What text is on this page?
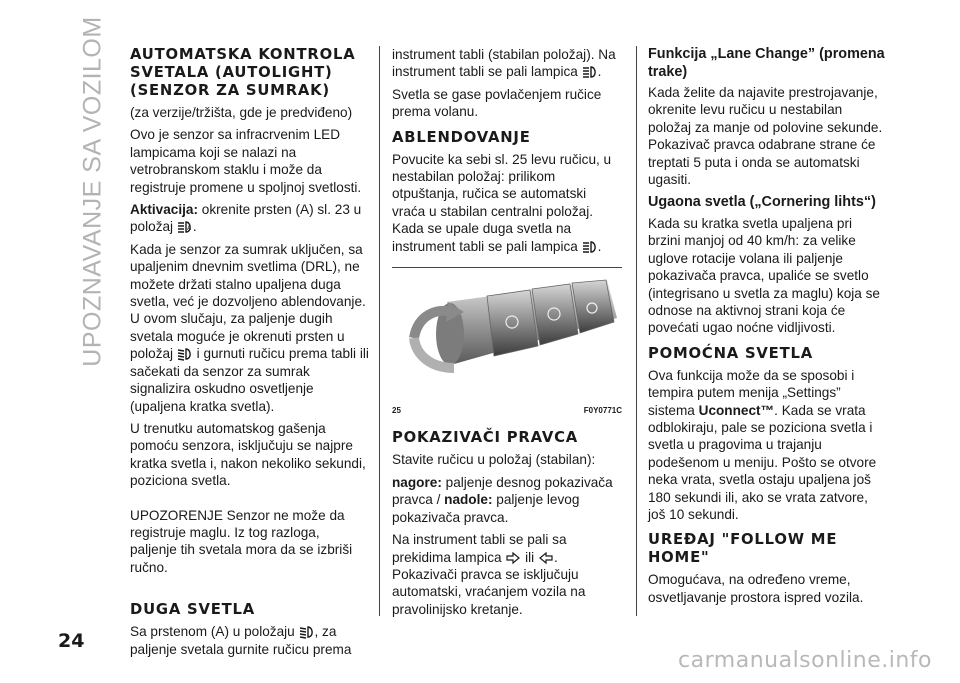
UPOZNAVANJE SA VOZILOM AUTOMATSKA KONTROLA SVETALA (AUTOLIGHT) (SENZOR ZA SUMRAK)

(za verzije/tržišta, gde je predviđeno)

Ovo je senzor sa infracrvenim LED lampicama koji se nalazi na vetrobranskom staklu i može da registruje promene u spoljnoj svetlosti.

Aktivacija: okrenite prsten (A) sl. 23 u položaj A .

Kada je senzor za sumrak uključen, sa upaljenim dnevnim svetlima (DRL), ne možete držati stalno upaljena duga svetla, već je dozvoljeno ablendovanje. U ovom slučaju, za paljenje dugih svetala moguće je okrenuti prsten u položaj i gurnuti ručicu prema tabli ili sačekati da senzor za sumrak signalizira oskudno osvetljenje (upaljena kratka svetla).

U trenutku automatskog gašenja pomoću senzora, isključuju se najpre kratka svetla i, nakon nekoliko sekundi, poziciona svetla.

UPOZORENJE Senzor ne može da registruje maglu. Iz tog razloga, paljenje tih svetala mora da se izbriši ručno.

DUGA SVETLA

Sa prstenom (A) u položaju , za paljenje svetala gurnite ručicu prema

instrument tabli (stabilan položaj). Na instrument tabli se pali lampica .

Svetla se gase povlačenjem ručice prema volanu.

ABLENDOVANJE

Povucite ka sebi sl. 25 levu ručicu, u nestabilan položaj: prilikom otpuštanja, ručica se automatski vraća u stabilan centralni položaj. Kada se upale duga svetla na instrument tabli se pali lampica .

25	F0Y0771C
POKAZIVAČI PRAVCA

Stavite ručicu u položaj (stabilan):

nagore: paljenje desnog pokazivača pravca / nadole: paljenje levog pokazivača pravca.

Na instrument tabli se pali sa prekidima lampica ili . Pokazivači pravca se isključuju automatski, vraćanjem vozila na pravolinijsko kretanje.

Funkcija „Lane Change” (promena trake)

Kada želite da najavite prestrojavanje, okrenite levu ručicu u nestabilan položaj za manje od polovine sekunde. Pokazivač pravca odabrane strane će treptati 5 puta i onda se automatski ugasiti.

Ugaona svetla („Cornering lihts“)

Kada su kratka svetla upaljena pri brzini manjoj od 40 km/h: za velike uglove rotacije volana ili paljenje pokazivača pravca, upaliće se svetlo (integrisano u svetla za maglu) koja se odnose na aktivnoj strani koja će povećati ugao noćne vidljivosti.

POMOĆNA SVETLA

Ova funkcija može da se sposobi i tempira putem menija „Settings” sistema Uconnect™. Kada se vrata odblokiraju, pale se poziciona svetla i svetla u pragovima u trajanju podešenom u meniju. Pošto se otvore neka vrata, svetla ostaju upaljena još 180 sekundi ili, ako se vrata zatvore, još 10 sekundi.

UREĐAJ "FOLLOW ME HOME"

Omogućava, na određeno vreme, osvetljavanje prostora ispred vozila.

24
carmanualsonline.info
